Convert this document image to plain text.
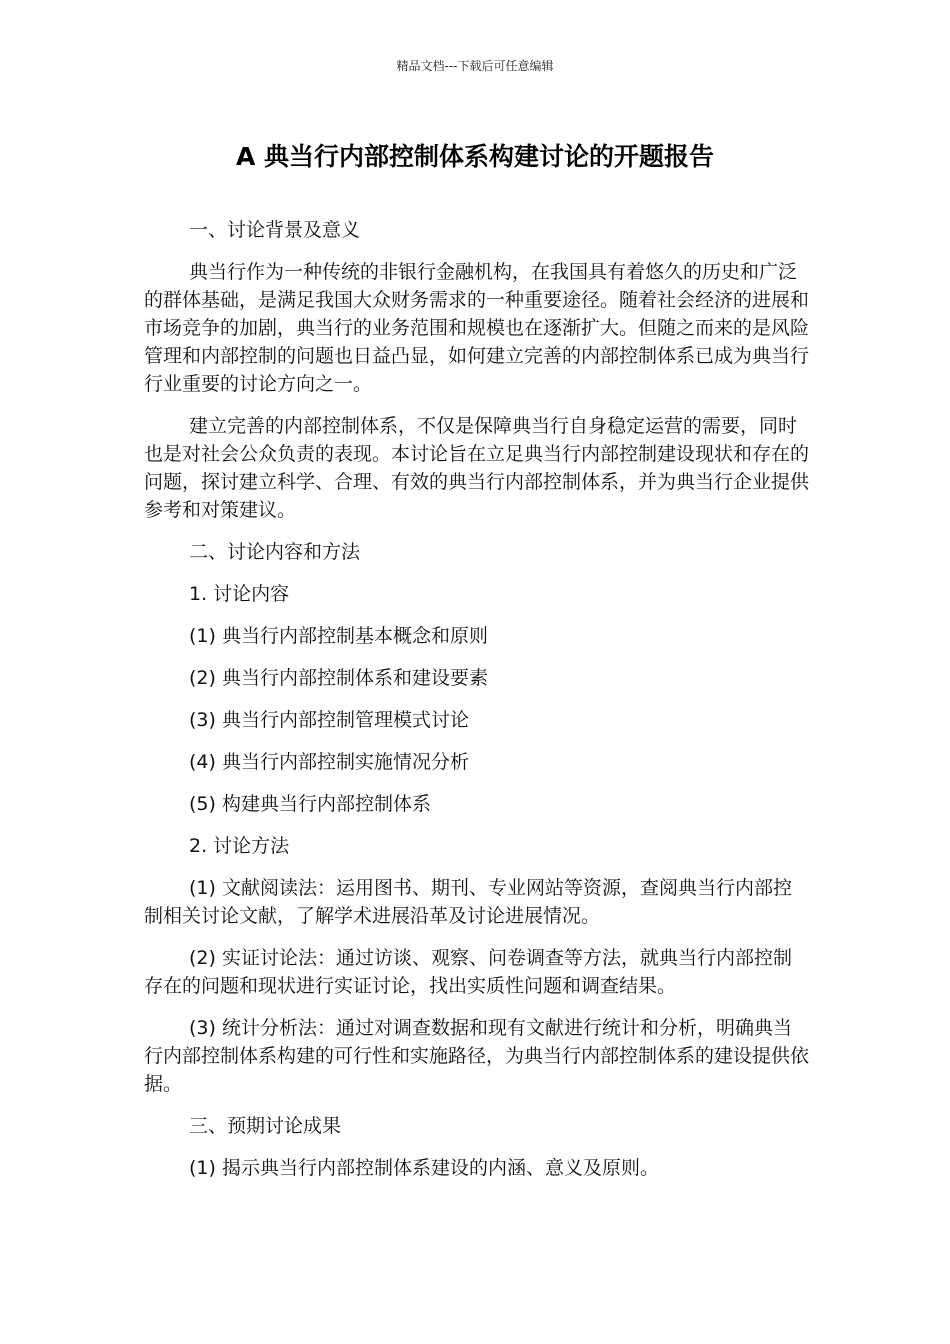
精品文档---下载后可任意编辑
A 典当行内部控制体系构建讨论的开题报告

一、讨论背景及意义

典当行作为一种传统的非银行金融机构，在我国具有着悠久的历史和广泛的群体基础，是满足我国大众财务需求的一种重要途径。随着社会经济的进展和市场竞争的加剧，典当行的业务范围和规模也在逐渐扩大。但随之而来的是风险管理和内部控制的问题也日益凸显，如何建立完善的内部控制体系已成为典当行行业重要的讨论方向之一。

建立完善的内部控制体系，不仅是保障典当行自身稳定运营的需要，同时也是对社会公众负责的表现。本讨论旨在立足典当行内部控制建设现状和存在的问题，探讨建立科学、合理、有效的典当行内部控制体系，并为典当行企业提供参考和对策建议。

二、讨论内容和方法

1. 讨论内容

(1) 典当行内部控制基本概念和原则

(2) 典当行内部控制体系和建设要素

(3) 典当行内部控制管理模式讨论

(4) 典当行内部控制实施情况分析

(5) 构建典当行内部控制体系

2. 讨论方法

(1) 文献阅读法：运用图书、期刊、专业网站等资源，查阅典当行内部控制相关讨论文献，了解学术进展沿革及讨论进展情况。

(2) 实证讨论法：通过访谈、观察、问卷调查等方法，就典当行内部控制存在的问题和现状进行实证讨论，找出实质性问题和调查结果。

(3) 统计分析法：通过对调查数据和现有文献进行统计和分析，明确典当行内部控制体系构建的可行性和实施路径，为典当行内部控制体系的建设提供依据。

三、预期讨论成果

(1) 揭示典当行内部控制体系建设的内涵、意义及原则。
